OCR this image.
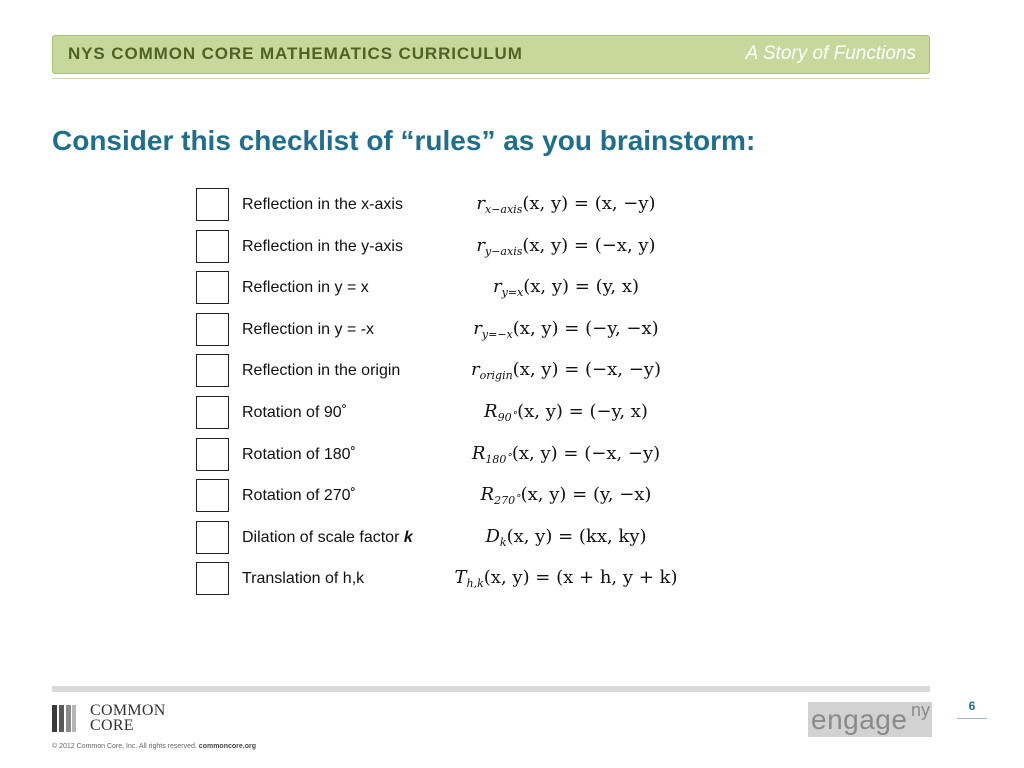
NYS COMMON CORE MATHEMATICS CURRICULUM	A Story of Functions
Consider this checklist of “rules” as you brainstorm:
Reflection in the x-axis	$r_{x-axis}(x$, y) = (x, −y)
Reflection in the y-axis	$r_{y-axis}(x$, y) = (−x, y)
Reflection in y = x	$r_{y=x}(x$, y) = (y, x)
Reflection in y = -x	$r_{y=-x}(x$, y) = (−y, −x)
Reflection in the origin	$r_{origin}(x$, y) = (−x, −y)
Rotation of 90˚	$R_{90˚}(x$, y) = (−y, x)
Rotation of 180˚	$R_{180˚}(x$, y) = (−x, −y)
Rotation of 270˚	$R_{270˚}(x$, y) = (y, −x)
Dilation of scale factor k	$D_k(x$, y) = (kx, ky)
Translation of h,k	$T_{h,k}(x$, y) = (x + h, y + k)
COMMON
CORE
© 2012 Common Core, Inc. All rights reserved. commoncore.org
engage ny	6
